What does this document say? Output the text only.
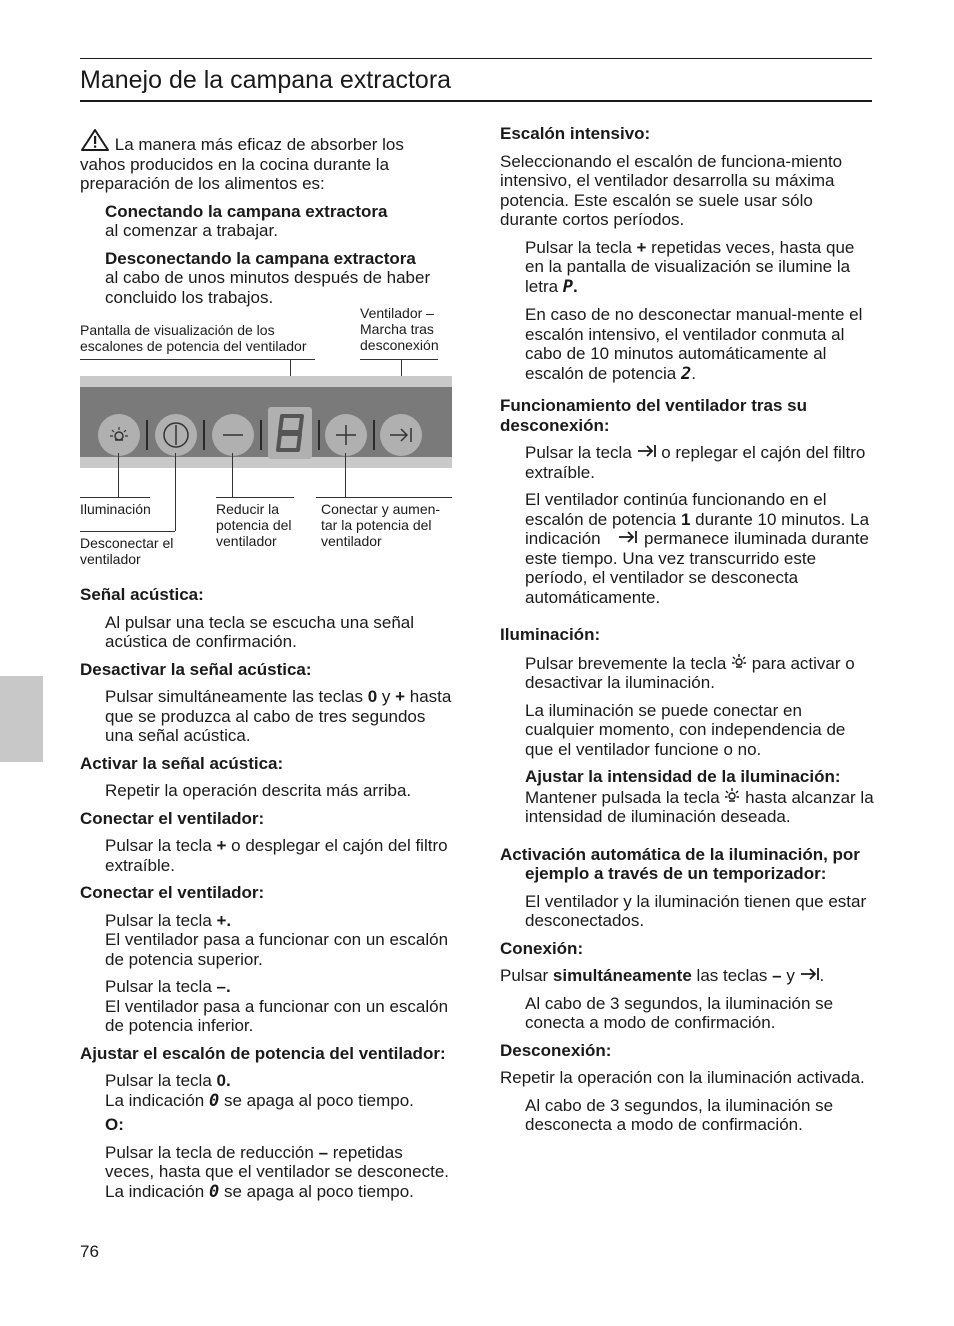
Manejo de la campana extractora

La manera más eficaz de absorber los vahos producidos en la cocina durante la preparación de los alimentos es:

Conectando la campana extractora
al comenzar a trabajar.

Desconectando la campana extractora
al cabo de unos minutos después de haber concluido los trabajos.

Pantalla de visualización de los escalones de potencia del ventilador
Ventilador – Marcha tras desconexión
Iluminación
Desconectar el ventilador
Reducir la potencia del ventilador
Conectar y aumen-tar la potencia del ventilador

Señal acústica:

Al pulsar una tecla se escucha una señal acústica de confirmación.

Desactivar la señal acústica:

Pulsar simultáneamente las teclas 0 y + hasta que se produzca al cabo de tres segundos una señal acústica.

Activar la señal acústica:

Repetir la operación descrita más arriba.

Conectar el ventilador:

Pulsar la tecla + o desplegar el cajón del filtro extraíble.

Conectar el ventilador:

Pulsar la tecla +.
El ventilador pasa a funcionar con un escalón de potencia superior.

Pulsar la tecla –.
El ventilador pasa a funcionar con un escalón de potencia inferior.

Ajustar el escalón de potencia del ventilador:

Pulsar la tecla 0.
La indicación 0 se apaga al poco tiempo.

O:

Pulsar la tecla de reducción – repetidas veces, hasta que el ventilador se desconecte.
La indicación 0 se apaga al poco tiempo.

Escalón intensivo:

Seleccionando el escalón de funciona-miento intensivo, el ventilador desarrolla su máxima potencia. Este escalón se suele usar sólo durante cortos períodos.

Pulsar la tecla + repetidas veces, hasta que en la pantalla de visualización se ilumine la letra P.

En caso de no desconectar manual-mente el escalón intensivo, el ventilador conmuta al cabo de 10 minutos automáticamente al escalón de potencia 2.

Funcionamiento del ventilador tras su desconexión:

Pulsar la tecla  o replegar el cajón del filtro extraíble.

El ventilador continúa funcionando en el escalón de potencia 1 durante 10 minutos. La indicación  permanece iluminada durante este tiempo. Una vez transcurrido este período, el ventilador se desconecta automáticamente.

Iluminación:

Pulsar brevemente la tecla  para activar o desactivar la iluminación.

La iluminación se puede conectar en cualquier momento, con independencia de que el ventilador funcione o no.

Ajustar la intensidad de la iluminación:
Mantener pulsada la tecla  hasta alcanzar la intensidad de iluminación deseada.

Activación automática de la iluminación, por ejemplo a través de un temporizador:

El ventilador y la iluminación tienen que estar desconectados.

Conexión:

Pulsar simultáneamente las teclas – y .

Al cabo de 3 segundos, la iluminación se conecta a modo de confirmación.

Desconexión:

Repetir la operación con la iluminación activada.

Al cabo de 3 segundos, la iluminación se desconecta a modo de confirmación.

76
